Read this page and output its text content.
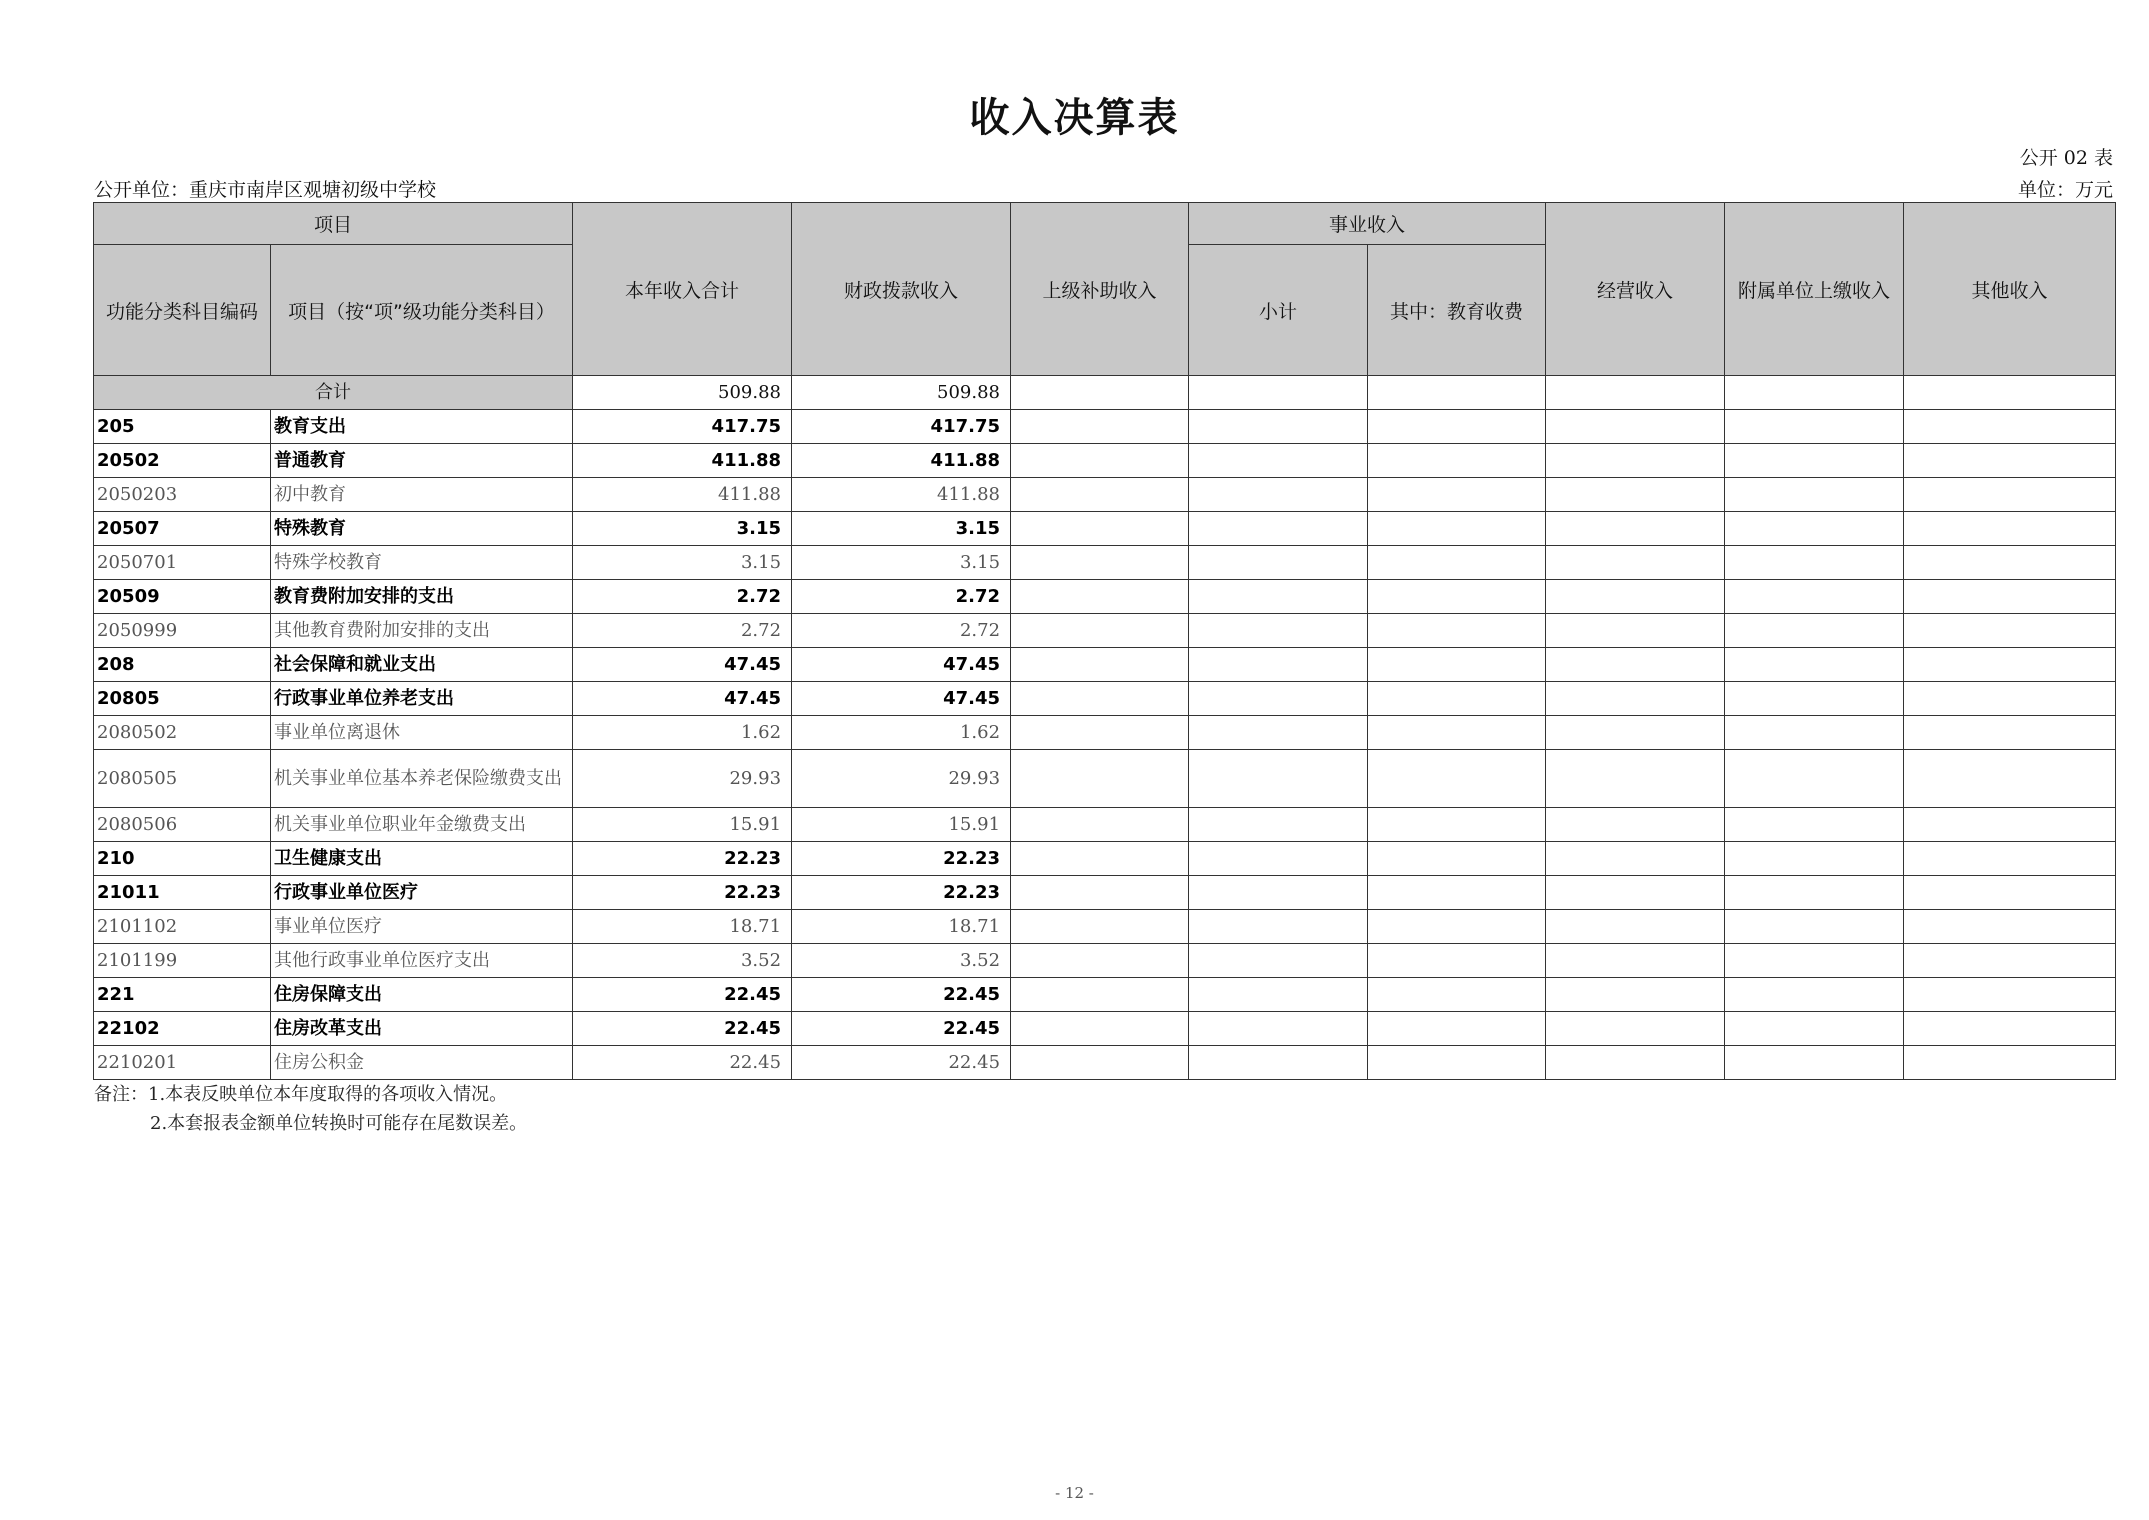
收入决算表
公开 02 表
公开单位：重庆市南岸区观塘初级中学校	单位：万元
项目		本年收入合计	财政拨款收入	上级补助收入	事业收入		经营收入	附属单位上缴收入	其他收入
功能分类科目编码	项目（按“项”级功能分类科目）				小计	其中：教育收费			
合计		509.88	509.88						
205	教育支出	417.75	417.75						
20502	普通教育	411.88	411.88						
2050203	初中教育	411.88	411.88						
20507	特殊教育	3.15	3.15						
2050701	特殊学校教育	3.15	3.15						
20509	教育费附加安排的支出	2.72	2.72						
2050999	其他教育费附加安排的支出	2.72	2.72						
208	社会保障和就业支出	47.45	47.45						
20805	行政事业单位养老支出	47.45	47.45						
2080502	事业单位离退休	1.62	1.62						
2080505	机关事业单位基本养老保险缴费支出	29.93	29.93						
2080506	机关事业单位职业年金缴费支出	15.91	15.91						
210	卫生健康支出	22.23	22.23						
21011	行政事业单位医疗	22.23	22.23						
2101102	事业单位医疗	18.71	18.71						
2101199	其他行政事业单位医疗支出	3.52	3.52						
221	住房保障支出	22.45	22.45						
22102	住房改革支出	22.45	22.45						
2210201	住房公积金	22.45	22.45						
备注：1.本表反映单位本年度取得的各项收入情况。
2.本套报表金额单位转换时可能存在尾数误差。
- 12 -
